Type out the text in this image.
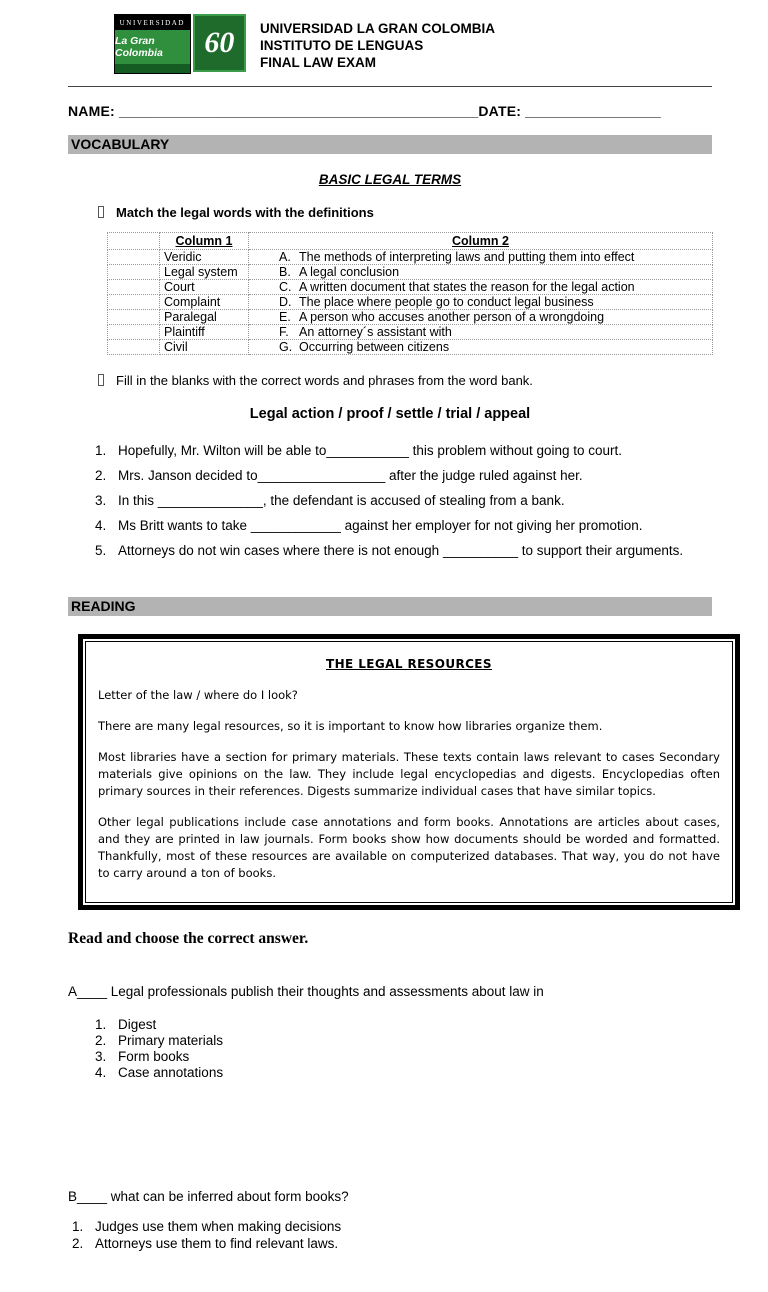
UNIVERSIDAD
La Gran Colombia	60 UNIVERSIDAD LA GRAN COLOMBIA
INSTITUTO DE LENGUAS
FINAL LAW EXAM
NAME: _____________________________________________DATE: _________________
VOCABULARY
BASIC LEGAL TERMS
Match the legal words with the definitions
	Column 1	Column 2
	Veridic	A. The methods of interpreting laws and putting them into effect
	Legal system	B. A legal conclusion
	Court	C. A written document that states the reason for the legal action
	Complaint	D. The place where people go to conduct legal business
	Paralegal	E. A person who accuses another person of a wrongdoing
	Plaintiff	F. An attorney´s assistant with
	Civil	G. Occurring between citizens
Fill in the blanks with the correct words and phrases from the word bank.
Legal action / proof / settle / trial / appeal
1. Hopefully, Mr. Wilton will be able to___________ this problem without going to court.
2. Mrs. Janson decided to_________________ after the judge ruled against her.
3. In this ______________, the defendant is accused of stealing from a bank.
4. Ms Britt wants to take ____________ against her employer for not giving her promotion.
5. Attorneys do not win cases where there is not enough __________ to support their arguments.
READING
THE LEGAL RESOURCES

Letter of the law / where do I look?

There are many legal resources, so it is important to know how libraries organize them.

Most libraries have a section for primary materials. These texts contain laws relevant to cases Secondary materials give opinions on the law. They include legal encyclopedias and digests. Encyclopedias often primary sources in their references. Digests summarize individual cases that have similar topics.

Other legal publications include case annotations and form books. Annotations are articles about cases, and they are printed in law journals. Form books show how documents should be worded and formatted. Thankfully, most of these resources are available on computerized databases. That way, you do not have to carry around a ton of books.

Read and choose the correct answer.
A____ Legal professionals publish their thoughts and assessments about law in
1. Digest
2. Primary materials
3. Form books
4. Case annotations
B____ what can be inferred about form books?
1. Judges use them when making decisions
2. Attorneys use them to find relevant laws.
